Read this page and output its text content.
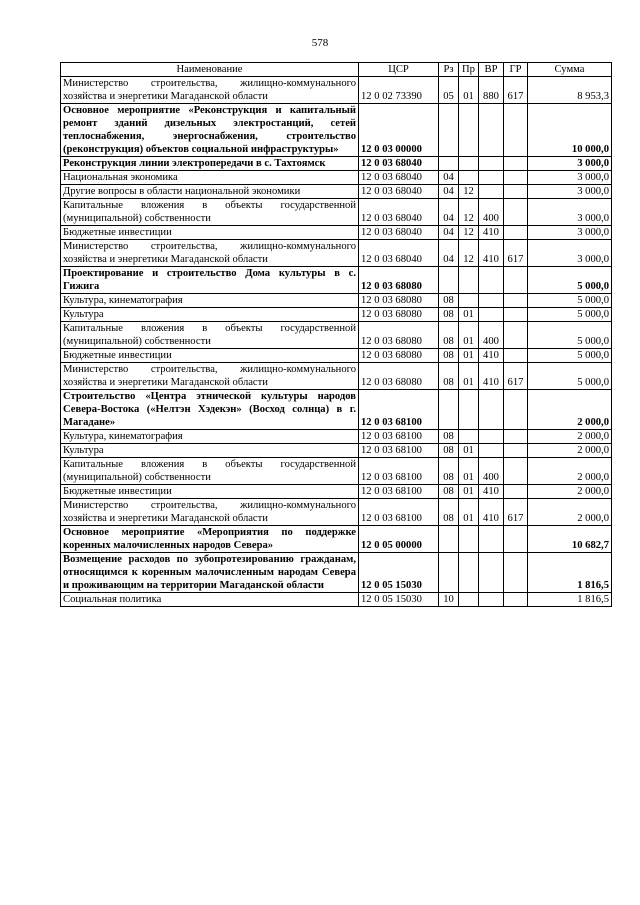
578
Наименование	ЦСР	Рз	Пр	ВР	ГР	Сумма
Министерство строительства, жилищно-коммунального хозяйства и энергетики Магаданской области	12 0 02 73390	05	01	880	617	8 953,3
Основное мероприятие «Реконструкция и капитальный ремонт зданий дизельных электростанций, сетей теплоснабжения, энергоснабжения, строительство (реконструкция) объектов социальной инфраструктуры»	12 0 03 00000					10 000,0
Реконструкция линии электропередачи в с. Тахтоямск	12 0 03 68040					3 000,0
Национальная экономика	12 0 03 68040	04				3 000,0
Другие вопросы в области национальной экономики	12 0 03 68040	04	12			3 000,0
Капитальные вложения в объекты государственной (муниципальной) собственности	12 0 03 68040	04	12	400		3 000,0
Бюджетные инвестиции	12 0 03 68040	04	12	410		3 000,0
Министерство строительства, жилищно-коммунального хозяйства и энергетики Магаданской области	12 0 03 68040	04	12	410	617	3 000,0
Проектирование и строительство Дома культуры в с. Гижига	12 0 03 68080					5 000,0
Культура, кинематография	12 0 03 68080	08				5 000,0
Культура	12 0 03 68080	08	01			5 000,0
Капитальные вложения в объекты государственной (муниципальной) собственности	12 0 03 68080	08	01	400		5 000,0
Бюджетные инвестиции	12 0 03 68080	08	01	410		5 000,0
Министерство строительства, жилищно-коммунального хозяйства и энергетики Магаданской области	12 0 03 68080	08	01	410	617	5 000,0
Строительство «Центра этнической культуры народов Севера-Востока («Нелтэн Хэдекэн» (Восход солнца) в г. Магадане»	12 0 03 68100					2 000,0
Культура, кинематография	12 0 03 68100	08				2 000,0
Культура	12 0 03 68100	08	01			2 000,0
Капитальные вложения в объекты государственной (муниципальной) собственности	12 0 03 68100	08	01	400		2 000,0
Бюджетные инвестиции	12 0 03 68100	08	01	410		2 000,0
Министерство строительства, жилищно-коммунального хозяйства и энергетики Магаданской области	12 0 03 68100	08	01	410	617	2 000,0
Основное мероприятие «Мероприятия по поддержке коренных малочисленных народов Севера»	12 0 05 00000					10 682,7
Возмещение расходов по зубопротезированию гражданам, относящимся к коренным малочисленным народам Севера и проживающим на территории Магаданской области	12 0 05 15030					1 816,5
Социальная политика	12 0 05 15030	10				1 816,5
